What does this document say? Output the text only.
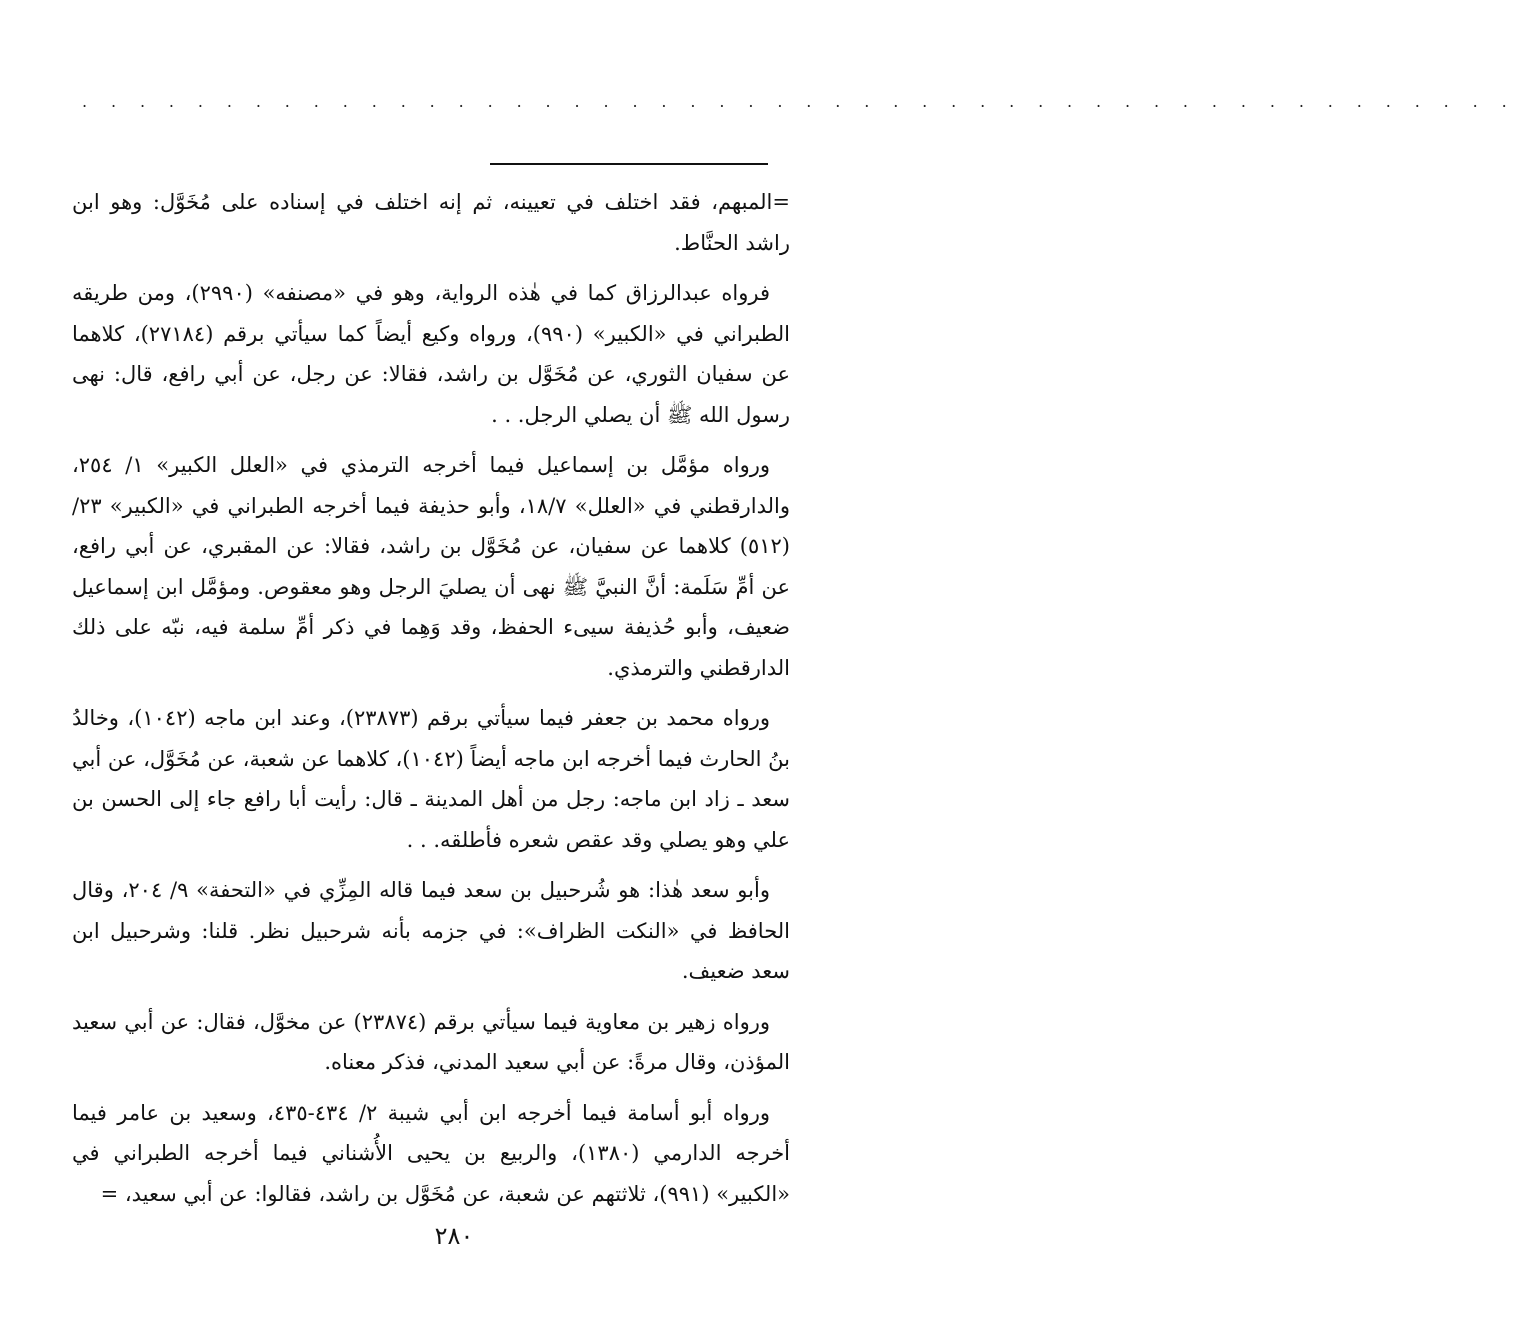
. . . . . . . . . . . . . . . . . . . . . . . . . . . . . . . . . . . . . . . . . . . . . . . . . .

=المبهم، فقد اختلف في تعيينه، ثم إنه اختلف في إسناده على مُخَوَّل: وهو ابن راشد الحنَّاط.

فرواه عبدالرزاق كما في هٰذه الرواية، وهو في «مصنفه» (٢٩٩٠)، ومن طريقه الطبراني في «الكبير» (٩٩٠)، ورواه وكيع أيضاً كما سيأتي برقم (٢٧١٨٤)، كلاهما عن سفيان الثوري، عن مُخَوَّل بن راشد، فقالا: عن رجل، عن أبي رافع، قال: نهى رسول الله ﷺ أن يصلي الرجل. . .

ورواه مؤمَّل بن إسماعيل فيما أخرجه الترمذي في «العلل الكبير» ١/ ٢٥٤، والدارقطني في «العلل» ١٨/٧، وأبو حذيفة فيما أخرجه الطبراني في «الكبير» ٢٣/ (٥١٢) كلاهما عن سفيان، عن مُخَوَّل بن راشد، فقالا: عن المقبري، عن أبي رافع، عن أمِّ سَلَمة: أنَّ النبيَّ ﷺ نهى أن يصليَ الرجل وهو معقوص. ومؤمَّل ابن إسماعيل ضعيف، وأبو حُذيفة سيىء الحفظ، وقد وَهِما في ذكر أمِّ سلمة فيه، نبّه على ذلك الدارقطني والترمذي.

ورواه محمد بن جعفر فيما سيأتي برقم (٢٣٨٧٣)، وعند ابن ماجه (١٠٤٢)، وخالدُ بنُ الحارث فيما أخرجه ابن ماجه أيضاً (١٠٤٢)، كلاهما عن شعبة، عن مُخَوَّل، عن أبي سعد ـ زاد ابن ماجه: رجل من أهل المدينة ـ قال: رأيت أبا رافع جاء إلى الحسن بن علي وهو يصلي وقد عقص شعره فأطلقه. . .

وأبو سعد هٰذا: هو شُرحبيل بن سعد فيما قاله المِزِّي في «التحفة» ٩/ ٢٠٤، وقال الحافظ في «النكت الظراف»: في جزمه بأنه شرحبيل نظر. قلنا: وشرحبيل ابن سعد ضعيف.

ورواه زهير بن معاوية فيما سيأتي برقم (٢٣٨٧٤) عن مخوَّل، فقال: عن أبي سعيد المؤذن، وقال مرةً: عن أبي سعيد المدني، فذكر معناه.

ورواه أبو أسامة فيما أخرجه ابن أبي شيبة ٢/ ٤٣٤-٤٣٥، وسعيد بن عامر فيما أخرجه الدارمي (١٣٨٠)، والربيع بن يحيى الأُشناني فيما أخرجه الطبراني في «الكبير» (٩٩١)، ثلاثتهم عن شعبة، عن مُخَوَّل بن راشد، فقالوا: عن أبي سعيد، =

٢٨٠
